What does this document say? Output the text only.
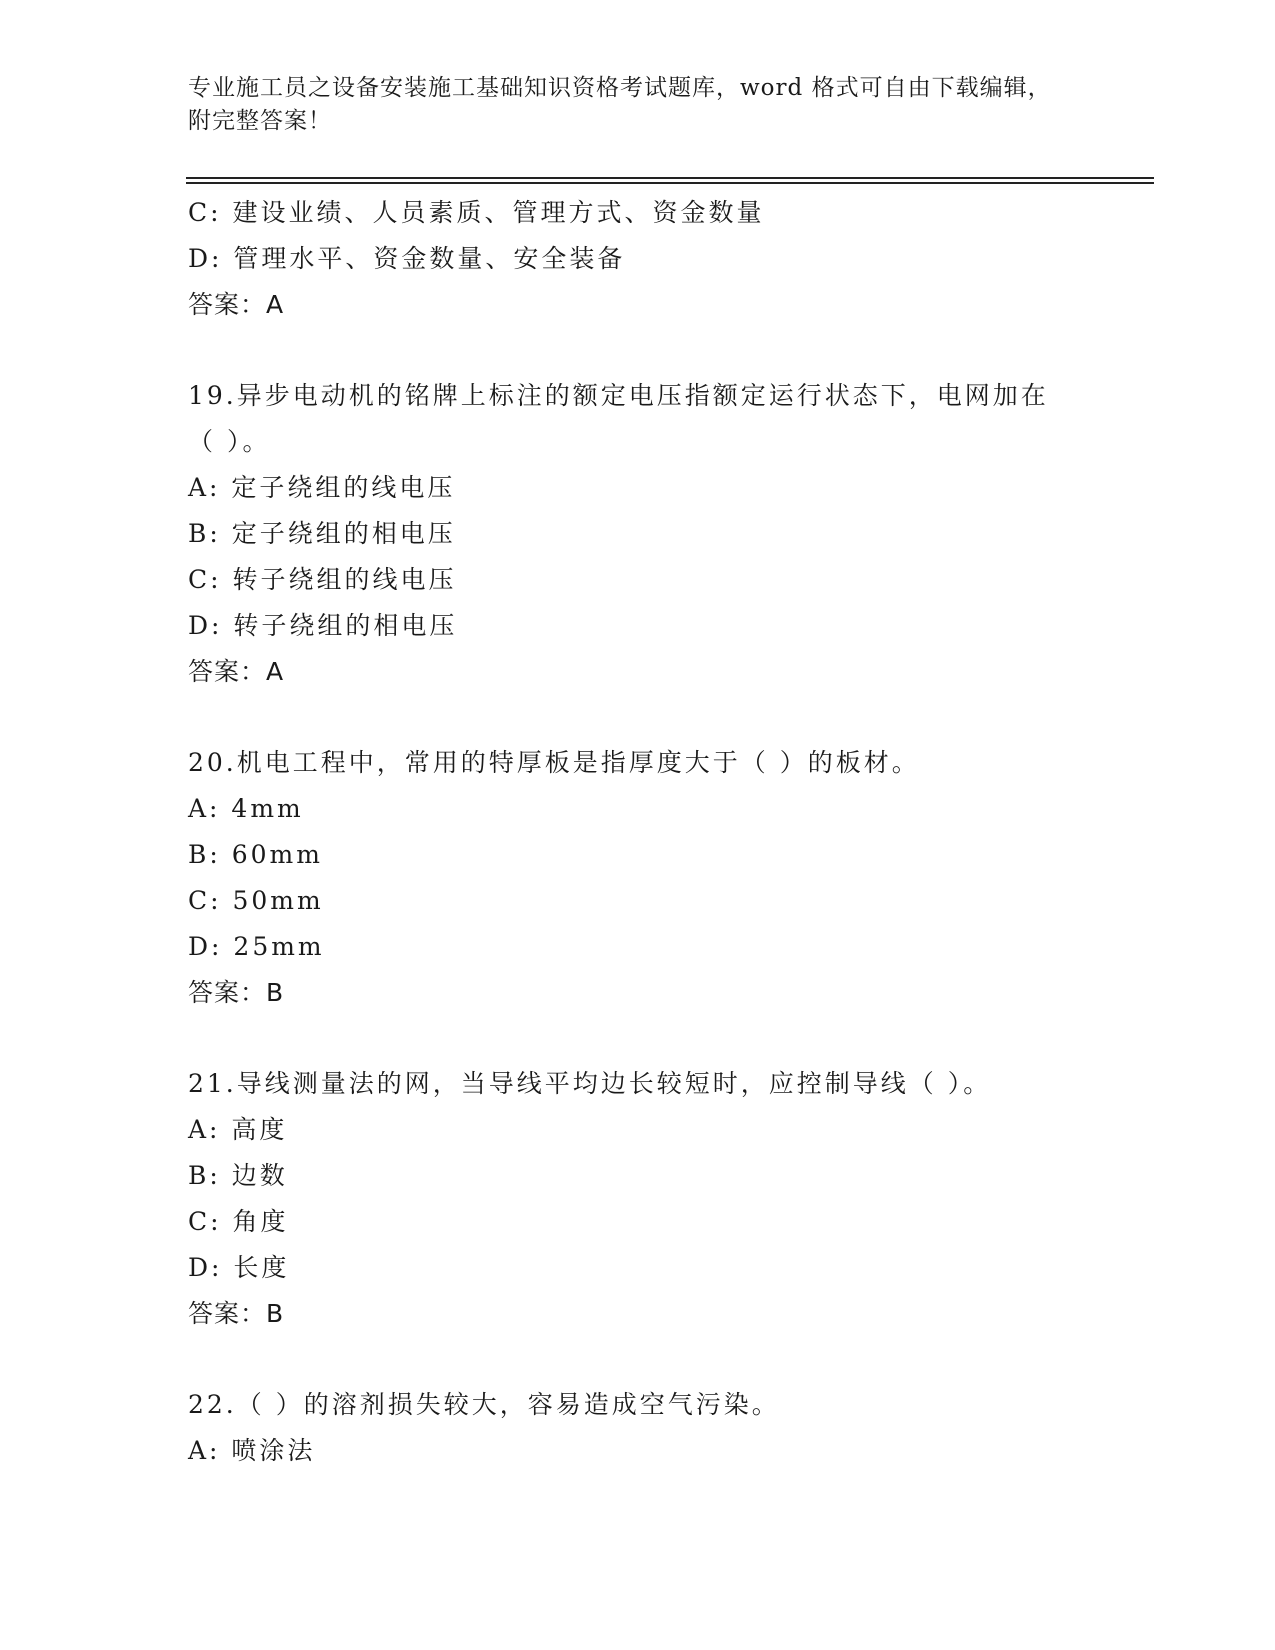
专业施工员之设备安装施工基础知识资格考试题库，word 格式可自由下载编辑，
附完整答案！
C: 建设业绩、人员素质、管理方式、资金数量
D: 管理水平、资金数量、安全装备
答案：A
19.异步电动机的铭牌上标注的额定电压指额定运行状态下，电网加在
（ ）。
A: 定子绕组的线电压
B: 定子绕组的相电压
C: 转子绕组的线电压
D: 转子绕组的相电压
答案：A
20.机电工程中，常用的特厚板是指厚度大于（ ）的板材。
A: 4mm
B: 60mm
C: 50mm
D: 25mm
答案：B
21.导线测量法的网，当导线平均边长较短时，应控制导线（ ）。
A: 高度
B: 边数
C: 角度
D: 长度
答案：B
22.（ ）的溶剂损失较大，容易造成空气污染。
A: 喷涂法
